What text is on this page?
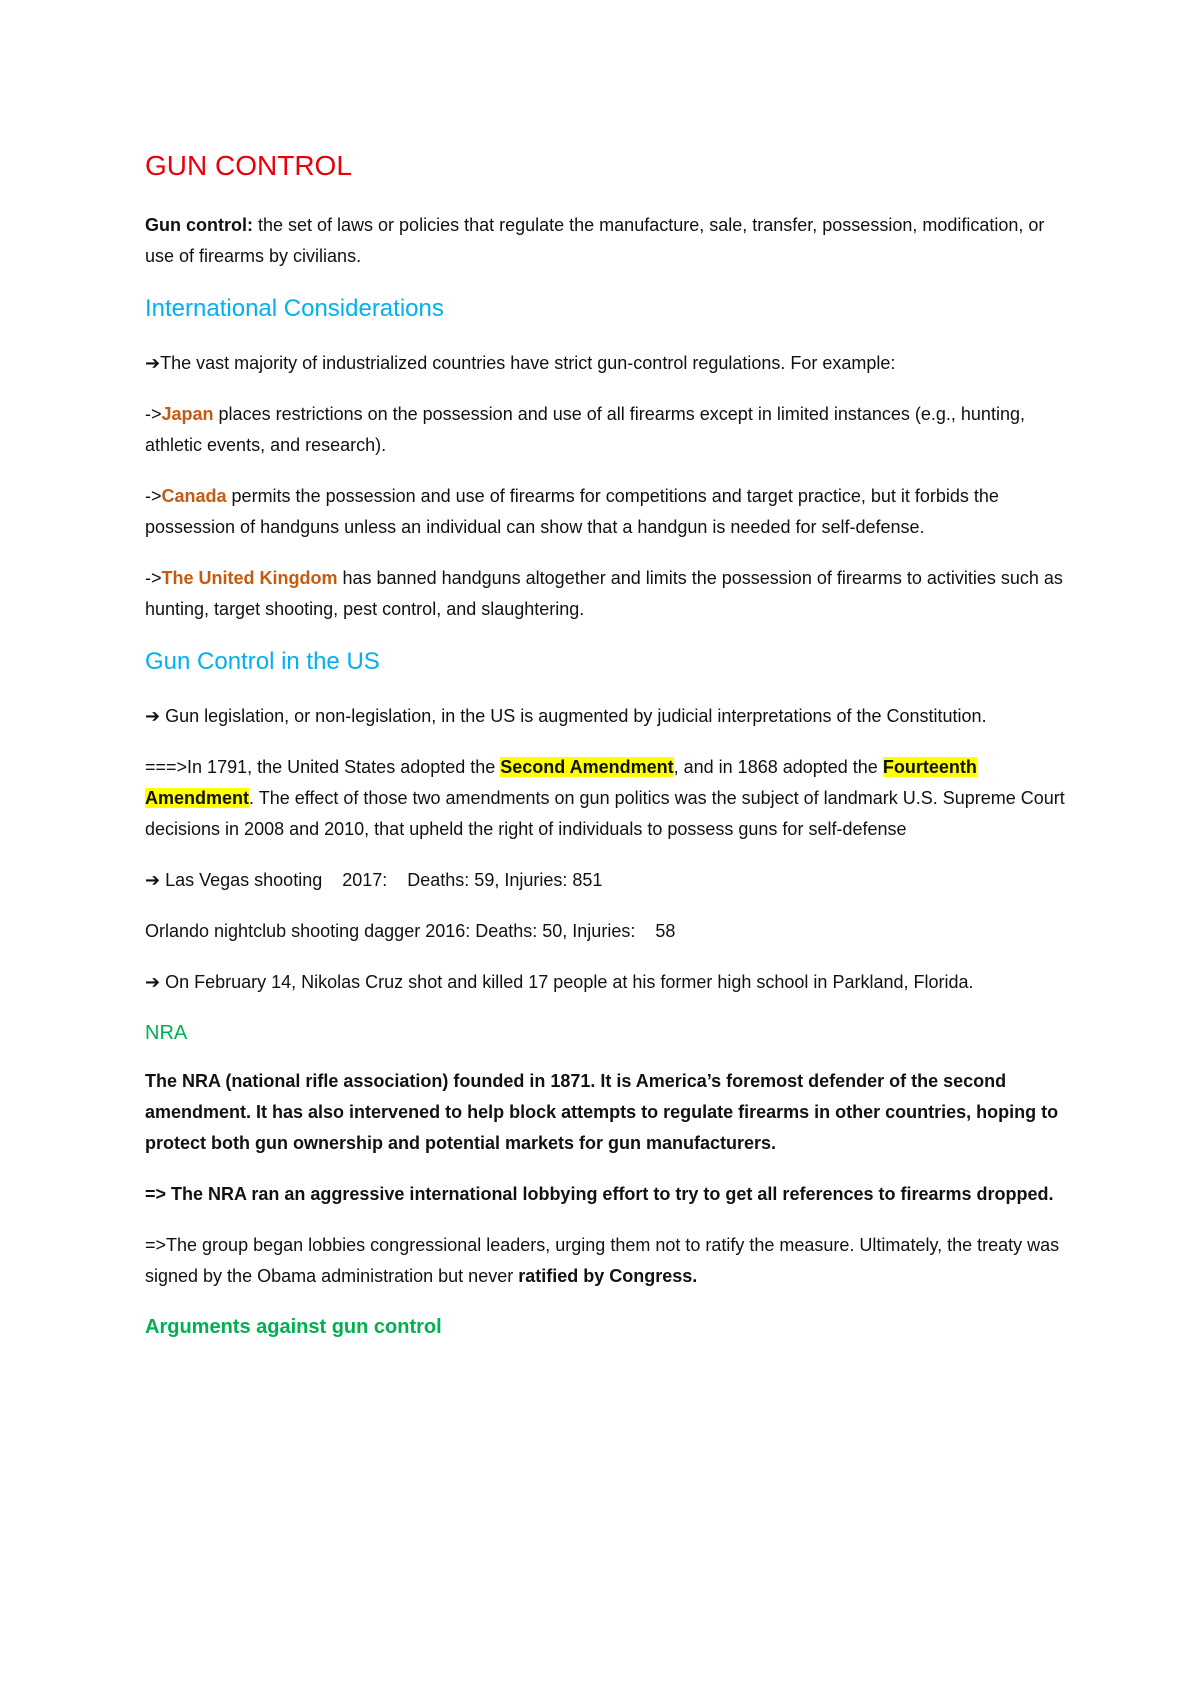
GUN CONTROL

Gun control: the set of laws or policies that regulate the manufacture, sale, transfer, possession, modification, or use of firearms by civilians.

International Considerations

➔The vast majority of industrialized countries have strict gun-control regulations. For example:

->Japan places restrictions on the possession and use of all firearms except in limited instances (e.g., hunting, athletic events, and research).

->Canada permits the possession and use of firearms for competitions and target practice, but it forbids the possession of handguns unless an individual can show that a handgun is needed for self-defense.

->The United Kingdom has banned handguns altogether and limits the possession of firearms to activities such as hunting, target shooting, pest control, and slaughtering.

Gun Control in the US

➔ Gun legislation, or non-legislation, in the US is augmented by judicial interpretations of the Constitution.

===>In 1791, the United States adopted the Second Amendment, and in 1868 adopted the Fourteenth Amendment. The effect of those two amendments on gun politics was the subject of landmark U.S. Supreme Court decisions in 2008 and 2010, that upheld the right of individuals to possess guns for self-defense

➔ Las Vegas shooting    2017:    Deaths: 59, Injuries: 851

Orlando nightclub shooting dagger 2016: Deaths: 50, Injuries:    58

➔ On February 14, Nikolas Cruz shot and killed 17 people at his former high school in Parkland, Florida.

NRA

The NRA (national rifle association) founded in 1871. It is America’s foremost defender of the second amendment. It has also intervened to help block attempts to regulate firearms in other countries, hoping to protect both gun ownership and potential markets for gun manufacturers.

=> The NRA ran an aggressive international lobbying effort to try to get all references to firearms dropped.

=>The group began lobbies congressional leaders, urging them not to ratify the measure. Ultimately, the treaty was signed by the Obama administration but never ratified by Congress.

Arguments against gun control
